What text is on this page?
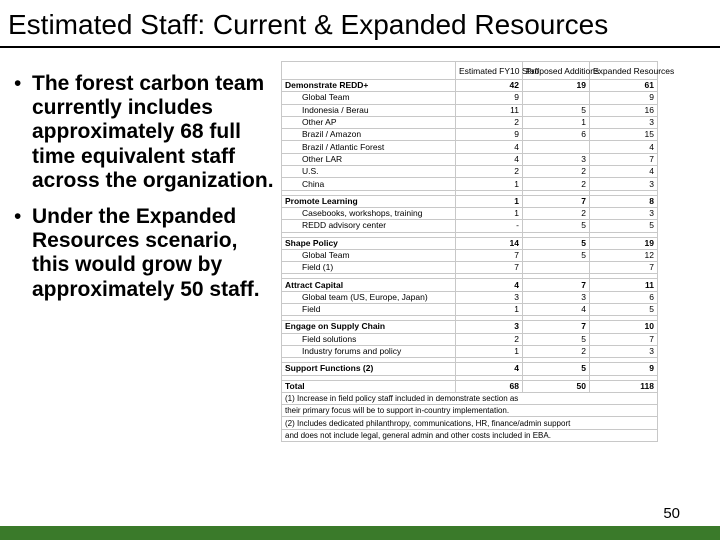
Estimated Staff: Current & Expanded Resources
• The forest carbon team currently includes approximately 68 full time equivalent staff across the organization.
• Under the Expanded Resources scenario, this would grow by approximately 50 staff.
	Estimated FY10 Staff	Proposed Additions	Expanded Resources
Demonstrate REDD+	42	19	61
Global Team	9		9
Indonesia / Berau	11	5	16
Other AP	2	1	3
Brazil / Amazon	9	6	15
Brazil / Atlantic Forest	4		4
Other LAR	4	3	7
U.S.	2	2	4
China	1	2	3

Promote Learning	1	7	8
Casebooks, workshops, training	1	2	3
REDD advisory center	-	5	5

Shape Policy	14	5	19
Global Team	7	5	12
Field (1)	7		7

Attract Capital	4	7	11
Global team (US, Europe, Japan)	3	3	6
Field	1	4	5

Engage on Supply Chain	3	7	10
Field solutions	2	5	7
Industry forums and policy	1	2	3

Support Functions (2)	4	5	9

Total	68	50	118
(1) Increase in field policy staff included in demonstrate section as			
their primary focus will be to support in-country implementation.			
(2) Includes dedicated philanthropy, communications, HR, finance/admin support			
and does not include legal, general admin and other costs included in EBA.			
50
